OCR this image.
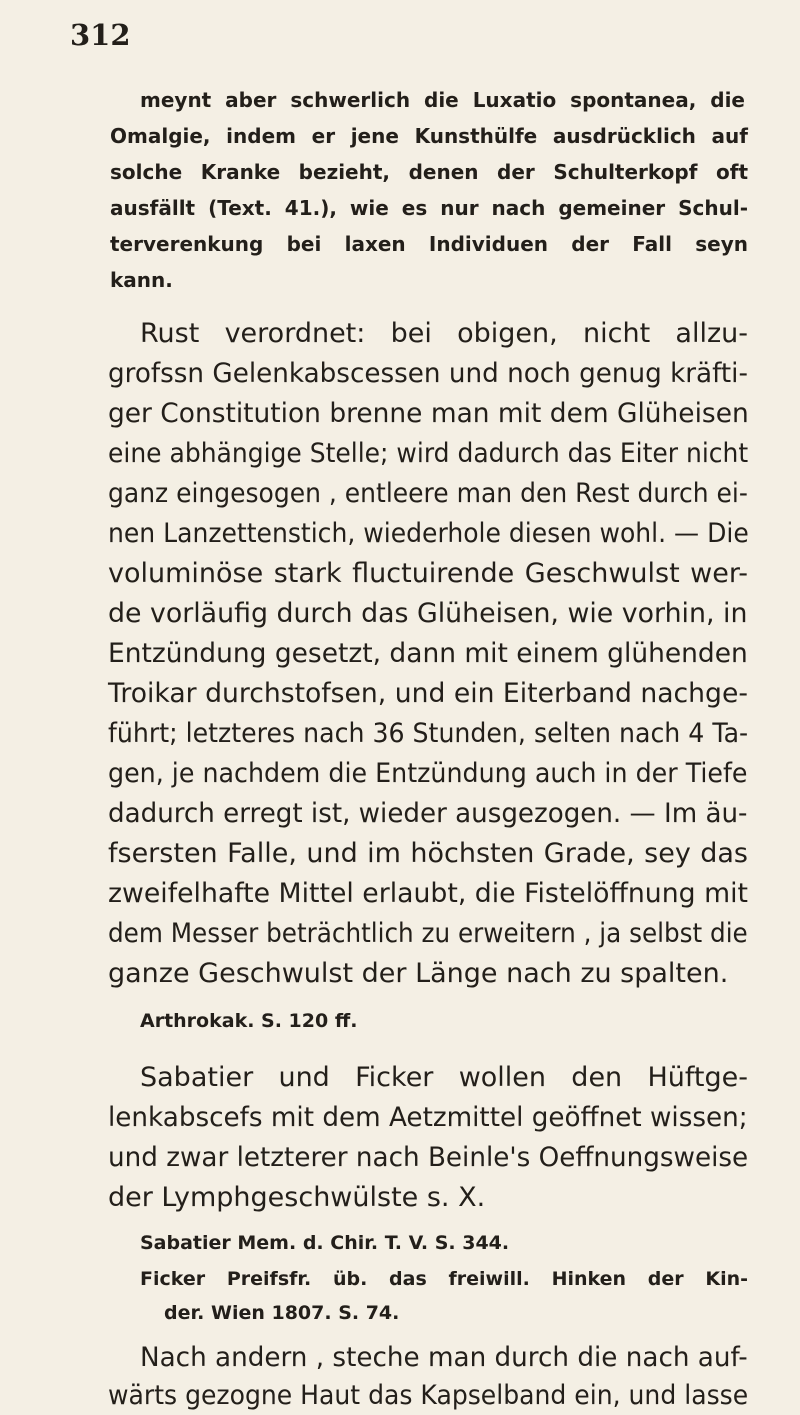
312
meynt aber schwerlich die Luxatio spontanea, die
Omalgie, indem er jene Kunsthülfe ausdrücklich auf
solche Kranke bezieht, denen der Schulterkopf oft
ausfällt (Text. 41.), wie es nur nach gemeiner Schul-
terverenkung bei laxen Individuen der Fall seyn
kann.
Rust verordnet: bei obigen, nicht allzu-
grofssn Gelenkabscessen und noch genug kräfti-
ger Constitution brenne man mit dem Glüheisen
eine abhängige Stelle; wird dadurch das Eiter nicht
ganz eingesogen , entleere man den Rest durch ei-
nen Lanzettenstich, wiederhole diesen wohl. — Die
voluminöse stark fluctuirende Geschwulst wer-
de vorläufig durch das Glüheisen, wie vorhin, in
Entzündung gesetzt, dann mit einem glühenden
Troikar durchstofsen, und ein Eiterband nachge-
führt; letzteres nach 36 Stunden, selten nach 4 Ta-
gen, je nachdem die Entzündung auch in der Tiefe
dadurch erregt ist, wieder ausgezogen. — Im äu-
fsersten Falle, und im höchsten Grade, sey das
zweifelhafte Mittel erlaubt, die Fistelöffnung mit
dem Messer beträchtlich zu erweitern , ja selbst die
ganze Geschwulst der Länge nach zu spalten.
Arthrokak. S. 120 ff.
Sabatier und Ficker wollen den Hüftge-
lenkabscefs mit dem Aetzmittel geöffnet wissen;
und zwar letzterer nach Beinle's Oeffnungsweise
der Lymphgeschwülste s. X.
Sabatier Mem. d. Chir. T. V. S. 344.
Ficker Preifsfr. üb. das freiwill. Hinken der Kin-
der. Wien 1807. S. 74.
Nach andern , steche man durch die nach auf-
wärts gezogne Haut das Kapselband ein, und lasse
